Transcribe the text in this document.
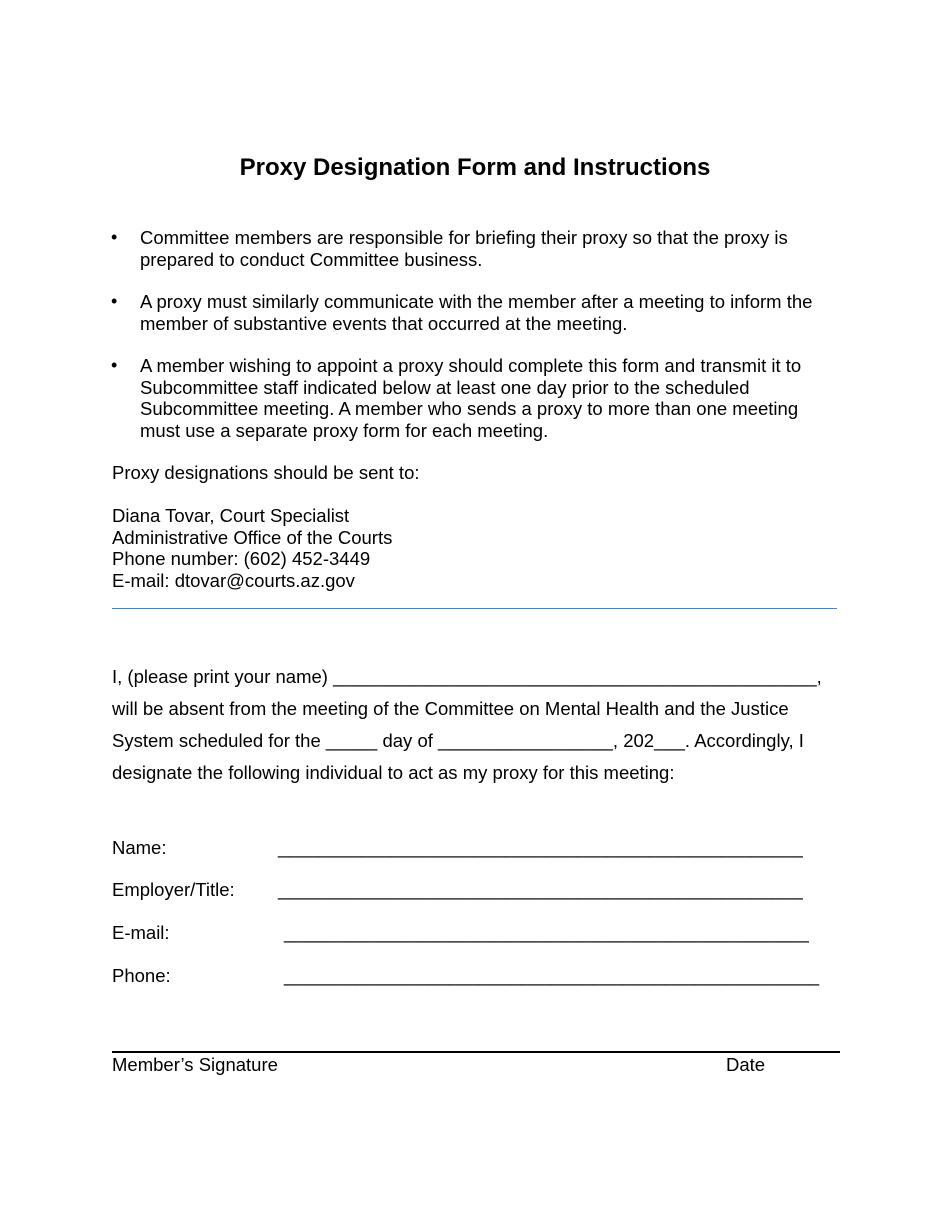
Proxy Designation Form and Instructions
• Committee members are responsible for briefing their proxy so that the proxy is
prepared to conduct Committee business.
• A proxy must similarly communicate with the member after a meeting to inform the
member of substantive events that occurred at the meeting.
• A member wishing to appoint a proxy should complete this form and transmit it to
Subcommittee staff indicated below at least one day prior to the scheduled
Subcommittee meeting. A member who sends a proxy to more than one meeting
must use a separate proxy form for each meeting.
Proxy designations should be sent to:
Diana Tovar, Court Specialist
Administrative Office of the Courts
Phone number: (602) 452-3449
E-mail: dtovar@courts.az.gov
I, (please print your name) _______________________________________________,
will be absent from the meeting of the Committee on Mental Health and the Justice
System scheduled for the _____ day of _________________, 202___. Accordingly, I
designate the following individual to act as my proxy for this meeting:
Name:	___________________________________________________
Employer/Title: ___________________________________________________
E-mail:	___________________________________________________
Phone:	____________________________________________________
Member’s Signature	Date
